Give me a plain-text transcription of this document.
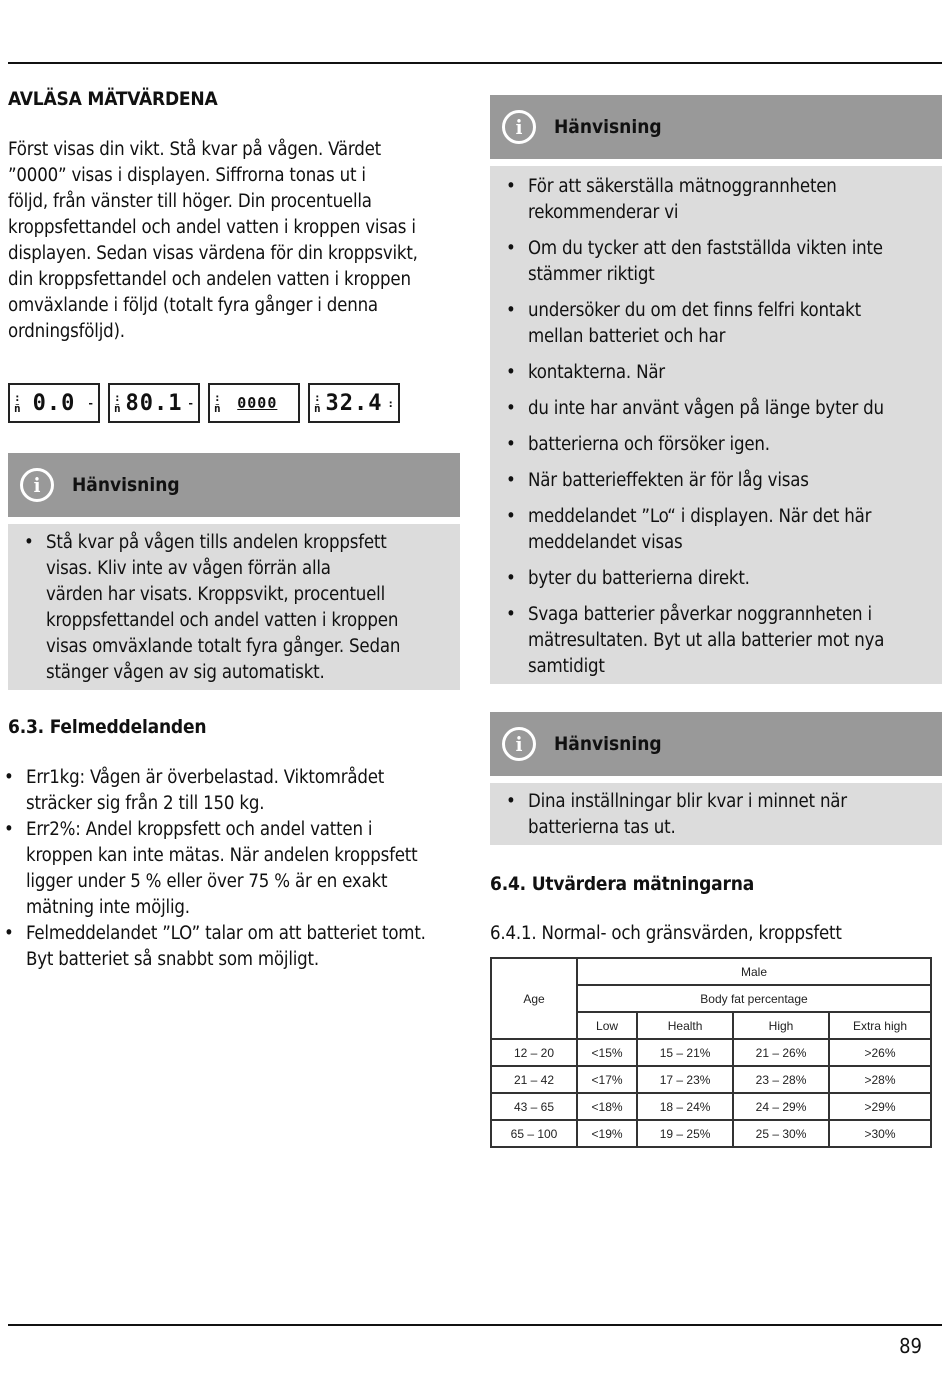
AVLÄSA MÄTVÄRDENA

Först visas din vikt. Stå kvar på vågen. Värdet
”0000” visas i displayen. Siffrorna tonas ut i
följd, från vänster till höger. Din procentuella
kroppsfettandel och andel vatten i kroppen visas i
displayen. Sedan visas värdena för din kroppsvikt,
din kroppsfettandel och andelen vatten i kroppen
omväxlande i följd (totalt fyra gånger i denna
ordningsföljd).

:
ñ 0.0 - :
ñ 80.1 - :
ñ 0000	:
ñ 32.4 :
i	Hänvisning
• Stå kvar på vågen tills andelen kroppsfett
visas. Kliv inte av vågen förrän alla
värden har visats. Kroppsvikt, procentuell
kroppsfettandel och andel vatten i kroppen
visas omväxlande totalt fyra gånger. Sedan
stänger vågen av sig automatiskt.
6.3. Felmeddelanden
• Err1kg: Vågen är överbelastad. Viktområdet
sträcker sig från 2 till 150 kg.
• Err2%: Andel kroppsfett och andel vatten i
kroppen kan inte mätas. När andelen kroppsfett
ligger under 5 % eller över 75 % är en exakt
mätning inte möjlig.
• Felmeddelandet ”LO” talar om att batteriet tomt.
Byt batteriet så snabbt som möjligt.
i	Hänvisning
• För att säkerställa mätnoggrannheten
rekommenderar vi
• Om du tycker att den fastställda vikten inte
stämmer riktigt
• undersöker du om det finns felfri kontakt
mellan batteriet och har
• kontakterna. När
• du inte har använt vågen på länge byter du
• batterierna och försöker igen.
• När batterieffekten är för låg visas
• meddelandet ”Lo“ i displayen. När det här
meddelandet visas
• byter du batterierna direkt.
• Svaga batterier påverkar noggrannheten i
mätresultaten. Byt ut alla batterier mot nya
samtidigt
i	Hänvisning
• Dina inställningar blir kvar i minnet när
batterierna tas ut.
6.4. Utvärdera mätningarna

6.4.1. Normal- och gränsvärden, kroppsfett

Age	Male			
	Body fat percentage			
	Low	Health	High	Extra high
12 – 20	<15%	15 – 21%	21 – 26%	>26%
21 – 42	<17%	17 – 23%	23 – 28%	>28%
43 – 65	<18%	18 – 24%	24 – 29%	>29%
65 – 100	<19%	19 – 25%	25 – 30%	>30%
89
